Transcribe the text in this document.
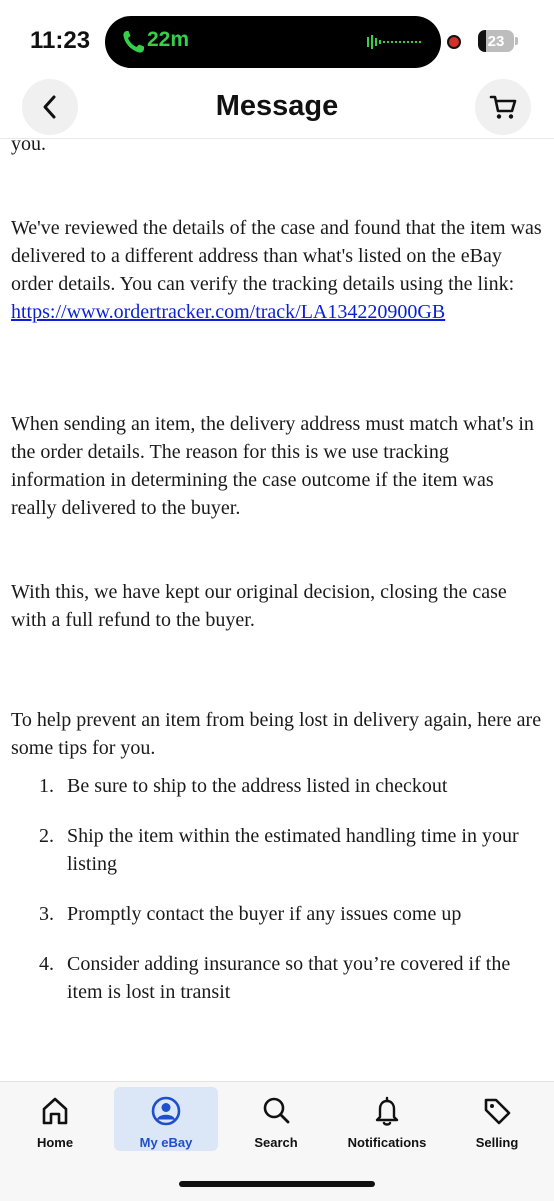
11:23	22m	23
Message

you.

We've reviewed the details of the case and found that the item was delivered to a different address than what's listed on the eBay order details. You can verify the tracking details using the link:
https://www.ordertracker.com/track/LA134220900GB

When sending an item, the delivery address must match what's in the order details. The reason for this is we use tracking information in determining the case outcome if the item was really delivered to the buyer.

With this, we have kept our original decision, closing the case with a full refund to the buyer.

To help prevent an item from being lost in delivery again, here are some tips for you.

1. Be sure to ship to the address listed in checkout
2. Ship the item within the estimated handling time in your listing
3. Promptly contact the buyer if any issues come up
4. Consider adding insurance so that you’re covered if the item is lost in transit
Home	My eBay	Search	Notifications	Selling
